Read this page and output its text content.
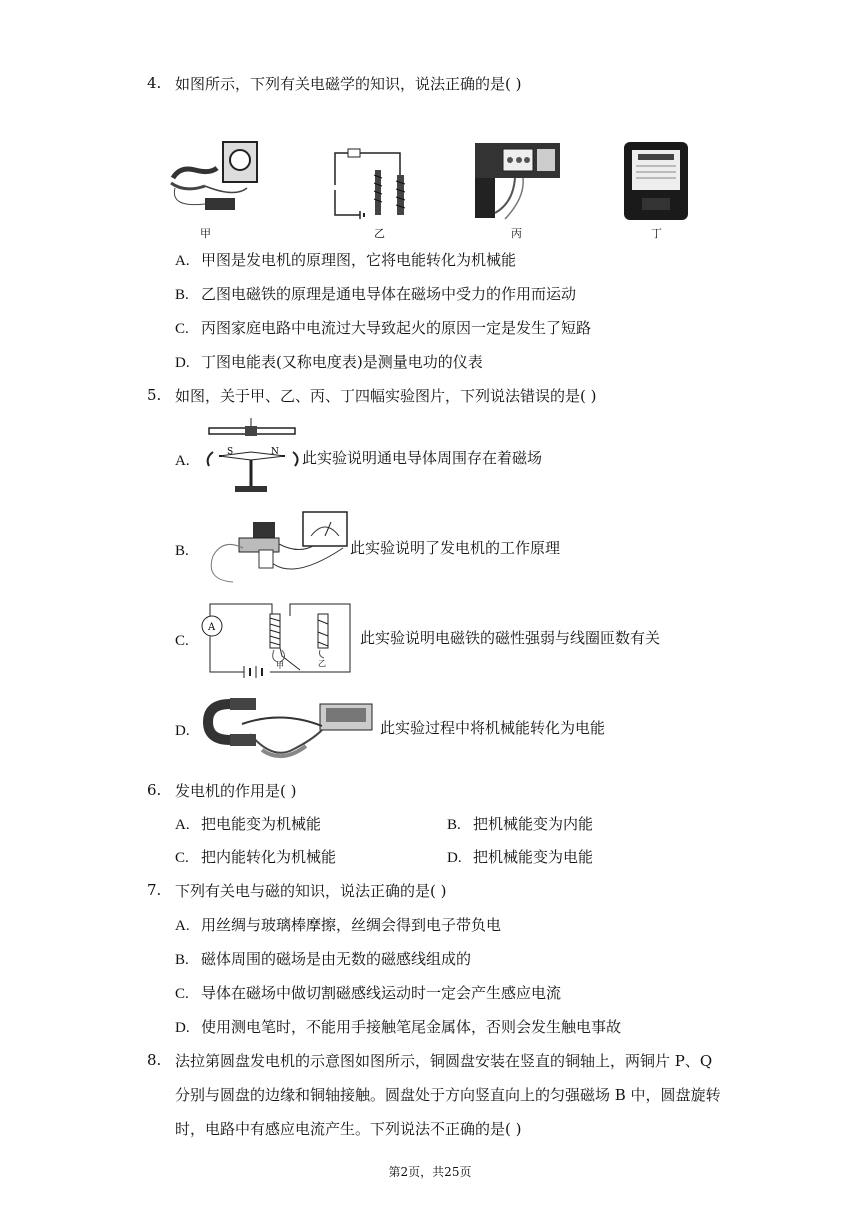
4. 如图所示，下列有关电磁学的知识，说法正确的是( )
甲	乙	丙	丁
A. 甲图是发电机的原理图，它将电能转化为机械能
B. 乙图电磁铁的原理是通电导体在磁场中受力的作用而运动
C. 丙图家庭电路中电流过大导致起火的原因一定是发生了短路
D. 丁图电能表(又称电度表)是测量电功的仪表
5. 如图，关于甲、乙、丙、丁四幅实验图片，下列说法错误的是( )
A.
S	N 此实验说明通电导体周围存在着磁场
B.	此实验说明了发电机的工作原理
C.
A
甲	乙
此实验说明电磁铁的磁性强弱与线圈匝数有关
D.	此实验过程中将机械能转化为电能
6. 发电机的作用是( )
A. 把电能变为机械能	B. 把机械能变为内能
C. 把内能转化为机械能	D. 把机械能变为电能
7. 下列有关电与磁的知识，说法正确的是( )
A. 用丝绸与玻璃棒摩擦，丝绸会得到电子带负电
B. 磁体周围的磁场是由无数的磁感线组成的
C. 导体在磁场中做切割磁感线运动时一定会产生感应电流
D. 使用测电笔时，不能用手接触笔尾金属体，否则会发生触电事故
8. 法拉第圆盘发电机的示意图如图所示，铜圆盘安装在竖直的铜轴上，两铜片 P、Q
分别与圆盘的边缘和铜轴接触。圆盘处于方向竖直向上的匀强磁场 B 中，圆盘旋转
时，电路中有感应电流产生。下列说法不正确的是( )
第2页，共25页
